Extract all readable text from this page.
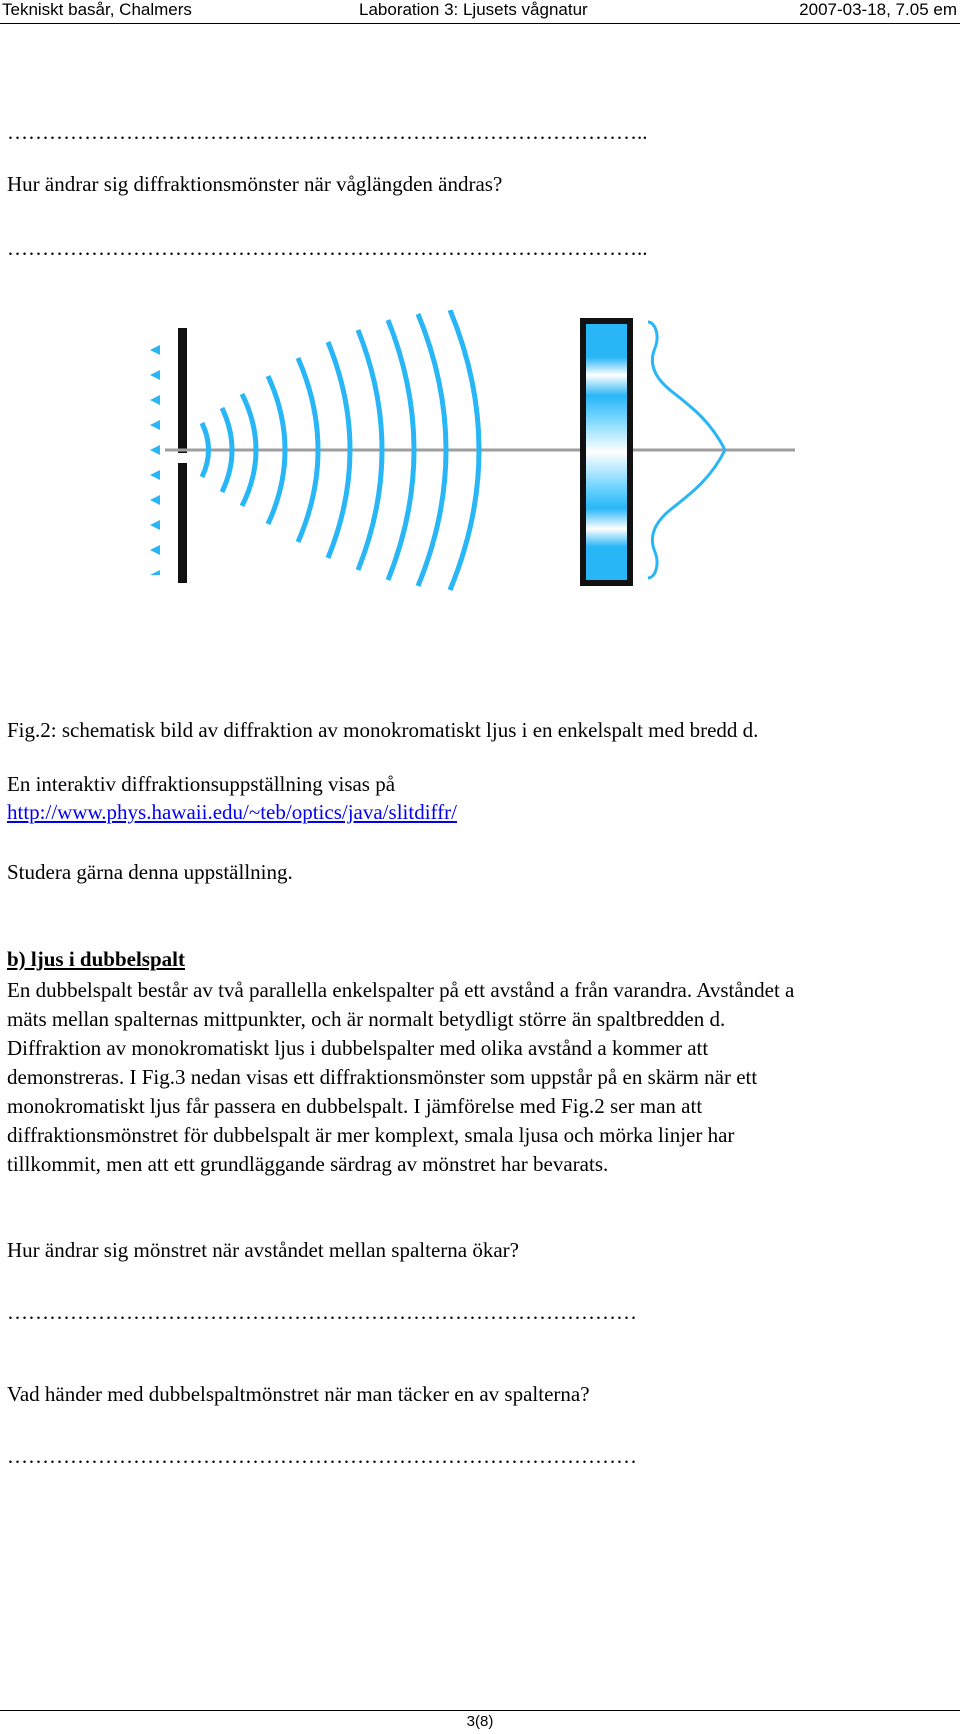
Tekniskt basår, Chalmers	Laboration 3: Ljusets vågnatur	2007-03-18, 7.05 em
………………………………………………………………………………..
Hur ändrar sig diffraktionsmönster när våglängden ändras?
………………………………………………………………………………..
Fig.2: schematisk bild av diffraktion av monokromatiskt ljus i en enkelspalt med bredd d.
En interaktiv diffraktionsuppställning visas på
http://www.phys.hawaii.edu/~teb/optics/java/slitdiffr/
Studera gärna denna uppställning.
b) ljus i dubbelspalt
En dubbelspalt består av två parallella enkelspalter på ett avstånd a från varandra. Avståndet a
mäts mellan spalternas mittpunkter, och är normalt betydligt större än spaltbredden d.
Diffraktion av monokromatiskt ljus i dubbelspalter med olika avstånd a kommer att
demonstreras. I Fig.3 nedan visas ett diffraktionsmönster som uppstår på en skärm när ett
monokromatiskt ljus får passera en dubbelspalt. I jämförelse med Fig.2 ser man att
diffraktionsmönstret för dubbelspalt är mer komplext, smala ljusa och mörka linjer har
tillkommit, men att ett grundläggande särdrag av mönstret har bevarats.
Hur ändrar sig mönstret när avståndet mellan spalterna ökar?
………………………………………………………………………………
Vad händer med dubbelspaltmönstret när man täcker en av spalterna?
………………………………………………………………………………
3(8)
